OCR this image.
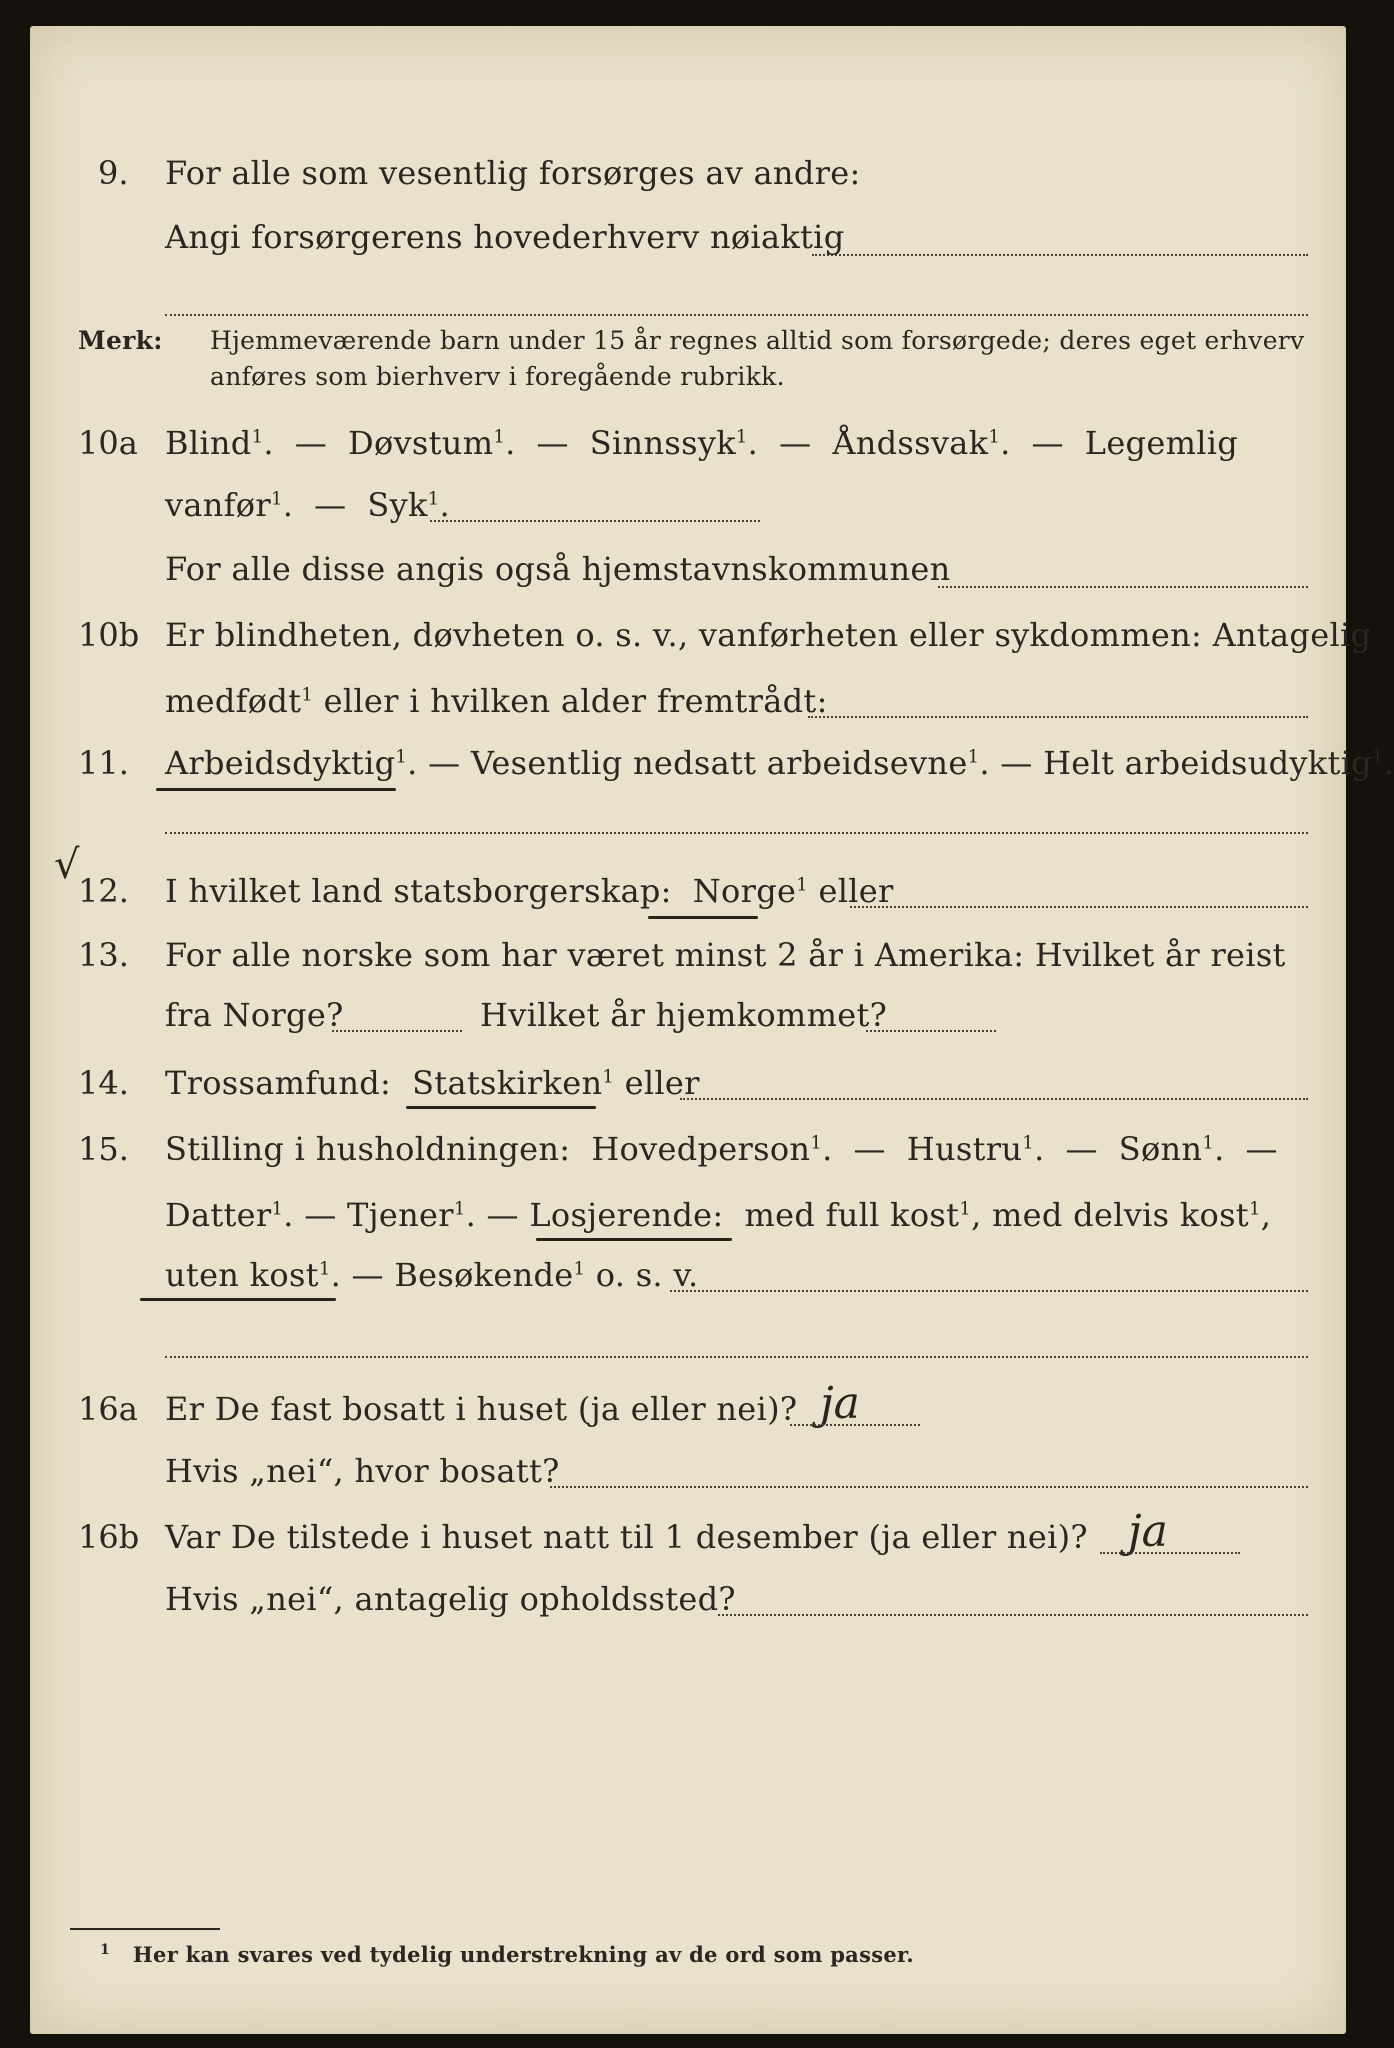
9. For alle som vesentlig forsørges av andre:
Angi forsørgerens hovederhverv nøiaktig
Merk: Hjemmeværende barn under 15 år regnes alltid som forsørgede; deres eget erhverv
anføres som bierhverv i foregående rubrikk.
10a Blind$^1$.  —  Døvstum$^1$.  —  Sinnssyk$^1$.  —  Åndssvak$^1$.  —  Legemlig
vanfør$^1$.  —  Syk$^1$.
For alle disse angis også hjemstavnskommunen
10b Er blindheten, døvheten o. s. v., vanførheten eller sykdommen: Antagelig
medfødt$^1$ eller i hvilken alder fremtrådt:
11. Arbeidsdyktig$^1$. — Vesentlig nedsatt arbeidsevne$^1$. — Helt arbeidsudyktig$^1$.
√
12. I hvilket land statsborgerskap: Norge$^1$ eller
13. For alle norske som har været minst 2 år i Amerika: Hvilket år reist
fra Norge?	Hvilket år hjemkommet?
14. Trossamfund: Statskirken$^1$ eller
15. Stilling i husholdningen: Hovedperson$^1$.  —  Hustru$^1$.  —  Sønn$^1$.  —
Datter$^1$. — Tjener$^1$. — Losjerende: med full kost$^1$, med delvis kost$^1$,
uten kost$^1$. — Besøkende$^1$ o. s. v.
16a Er De fast bosatt i huset (ja eller nei)? ja
Hvis „nei“, hvor bosatt?
16b Var De tilstede i huset natt til 1 desember (ja eller nei)? ja
Hvis „nei“, antagelig opholdssted?
$^1$ Her kan svares ved tydelig understrekning av de ord som passer.
